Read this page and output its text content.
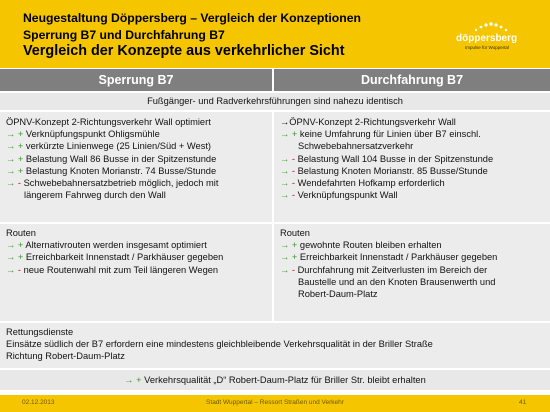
Neugestaltung Döppersberg – Vergleich der Konzeptionen
Sperrung B7 und Durchfahrung B7
Vergleich der Konzepte aus verkehrlicher Sicht
döppersberg
Impulse für Wuppertal
Sperrung B7	Durchfahrung B7
Fußgänger- und Radverkehrsführungen sind nahezu identisch
ÖPNV-Konzept 2-Richtungsverkehr Wall optimiert
→ + Verknüpfungspunkt Ohligsmühle
→ + verkürzte Linienwege (25 Linien/Süd + West)
→ + Belastung Wall 86 Busse in der Spitzenstunde
→ + Belastung Knoten Morianstr. 74 Busse/Stunde
→ - Schwebebahnersatzbetrieb möglich, jedoch mit
längerem Fahrweg durch den Wall
→ÖPNV-Konzept 2-Richtungsverkehr Wall
→ + keine Umfahrung für Linien über B7 einschl.
Schwebebahnersatzverkehr
→ - Belastung Wall 104 Busse in der Spitzenstunde
→ - Belastung Knoten Morianstr. 85 Busse/Stunde
→ - Wendefahrten Hofkamp erforderlich
→ - Verknüpfungspunkt Wall
Routen
→ + Alternativrouten werden insgesamt optimiert
→ + Erreichbarkeit Innenstadt / Parkhäuser gegeben
→ - neue Routenwahl mit zum Teil längeren Wegen
Routen
→ + gewohnte Routen bleiben erhalten
→ + Erreichbarkeit Innenstadt / Parkhäuser gegeben
→ - Durchfahrung mit Zeitverlusten im Bereich der
Baustelle und an den Knoten Brausenwerth und
Robert-Daum-Platz
Rettungsdienste
Einsätze südlich der B7 erfordern eine mindestens gleichbleibende Verkehrsqualität in der Briller Straße
Richtung Robert-Daum-Platz
→ + Verkehrsqualität „D“ Robert-Daum-Platz für Briller Str. bleibt erhalten
02.12.2013	Stadt Wuppertal – Ressort Straßen und Verkehr	41
